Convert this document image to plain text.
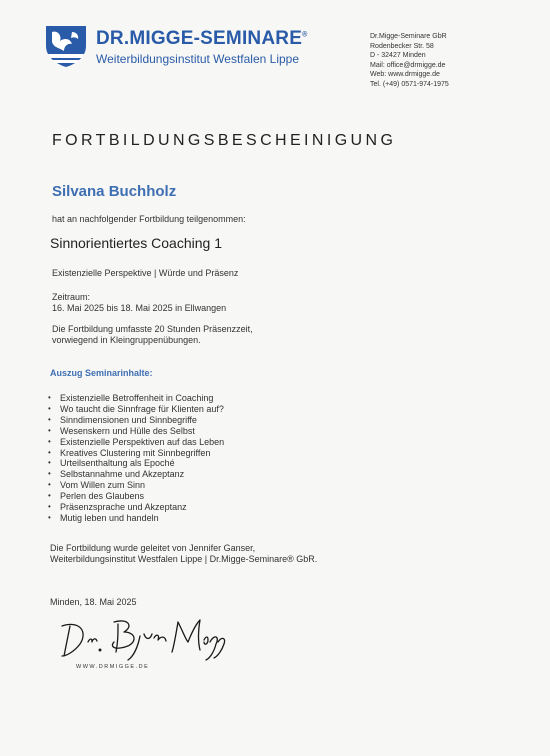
DR.MIGGE-SEMINARE®
Weiterbildungsinstitut Westfalen Lippe
Dr.Migge-Seminare GbR
Rodenbecker Str. 58
D - 32427 Minden
Mail: office@drmigge.de
Web: www.drmigge.de
Tel. (+49) 0571-974-1975
FORTBILDUNGSBESCHEINIGUNG
Silvana Buchholz
hat an nachfolgender Fortbildung teilgenommen:
Sinnorientiertes Coaching 1
Existenzielle Perspektive | Würde und Präsenz
Zeitraum:
16. Mai 2025 bis 18. Mai 2025 in Ellwangen
Die Fortbildung umfasste 20 Stunden Präsenzzeit,
vorwiegend in Kleingruppenübungen.
Auszug Seminarinhalte:
• Existenzielle Betroffenheit in Coaching
• Wo taucht die Sinnfrage für Klienten auf?
• Sinndimensionen und Sinnbegriffe
• Wesenskern und Hülle des Selbst
• Existenzielle Perspektiven auf das Leben
• Kreatives Clustering mit Sinnbegriffen
• Urteilsenthaltung als Epoché
• Selbstannahme und Akzeptanz
• Vom Willen zum Sinn
• Perlen des Glaubens
• Präsenzsprache und Akzeptanz
• Mutig leben und handeln
Die Fortbildung wurde geleitet von Jennifer Ganser,
Weiterbildungsinstitut Westfalen Lippe | Dr.Migge-Seminare® GbR.
Minden, 18. Mai 2025
WWW.DRMIGGE.DE
